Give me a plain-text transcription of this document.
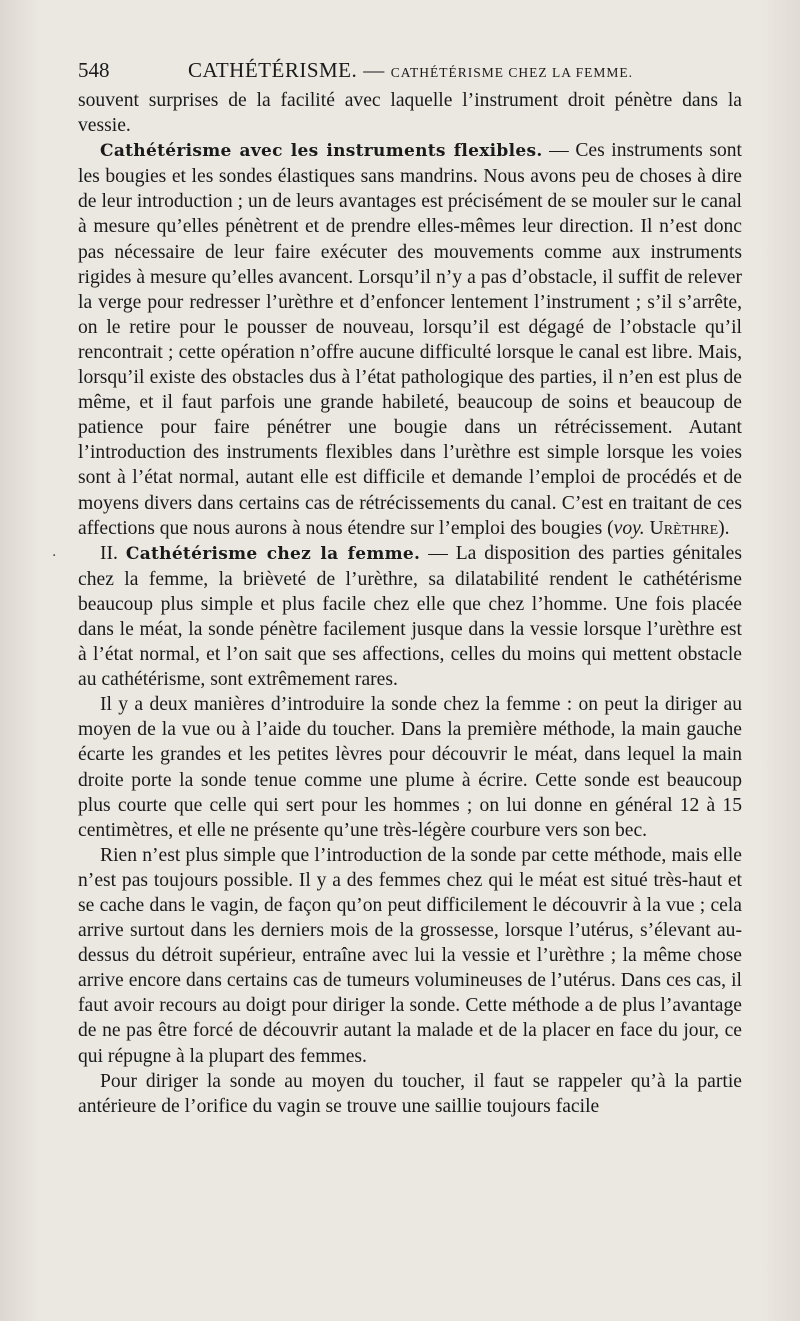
548	CATHÉTÉRISME. — CATHÉTÉRISME CHEZ LA FEMME.
·

souvent surprises de la facilité avec laquelle l’instrument droit pénètre dans la vessie.

Cathétérisme avec les instruments flexibles. — Ces instruments sont les bougies et les sondes élastiques sans mandrins. Nous avons peu de choses à dire de leur introduction ; un de leurs avantages est précisément de se mouler sur le canal à mesure qu’elles pénètrent et de prendre elles-mêmes leur direction. Il n’est donc pas nécessaire de leur faire exécuter des mouvements comme aux instruments rigides à mesure qu’elles avancent. Lorsqu’il n’y a pas d’obstacle, il suffit de relever la verge pour redresser l’urèthre et d’enfoncer lentement l’instrument ; s’il s’arrête, on le retire pour le pousser de nouveau, lorsqu’il est dégagé de l’obstacle qu’il rencontrait ; cette opération n’offre aucune difficulté lorsque le canal est libre. Mais, lorsqu’il existe des obstacles dus à l’état pathologique des parties, il n’en est plus de même, et il faut parfois une grande habileté, beaucoup de soins et beaucoup de patience pour faire pénétrer une bougie dans un rétrécissement. Autant l’introduction des instruments flexibles dans l’urèthre est simple lorsque les voies sont à l’état normal, autant elle est difficile et demande l’emploi de procédés et de moyens divers dans certains cas de rétrécissements du canal. C’est en traitant de ces affections que nous aurons à nous étendre sur l’emploi des bougies (voy. Urèthre).

II. Cathétérisme chez la femme. — La disposition des parties génitales chez la femme, la brièveté de l’urèthre, sa dilatabilité rendent le cathétérisme beaucoup plus simple et plus facile chez elle que chez l’homme. Une fois placée dans le méat, la sonde pénètre facilement jusque dans la vessie lorsque l’urèthre est à l’état normal, et l’on sait que ses affections, celles du moins qui mettent obstacle au cathétérisme, sont extrêmement rares.

Il y a deux manières d’introduire la sonde chez la femme : on peut la diriger au moyen de la vue ou à l’aide du toucher. Dans la première méthode, la main gauche écarte les grandes et les petites lèvres pour découvrir le méat, dans lequel la main droite porte la sonde tenue comme une plume à écrire. Cette sonde est beaucoup plus courte que celle qui sert pour les hommes ; on lui donne en général 12 à 15 centimètres, et elle ne présente qu’une très-légère courbure vers son bec.

Rien n’est plus simple que l’introduction de la sonde par cette méthode, mais elle n’est pas toujours possible. Il y a des femmes chez qui le méat est situé très-haut et se cache dans le vagin, de façon qu’on peut difficilement le découvrir à la vue ; cela arrive surtout dans les derniers mois de la grossesse, lorsque l’utérus, s’élevant au-dessus du détroit supérieur, entraîne avec lui la vessie et l’urèthre ; la même chose arrive encore dans certains cas de tumeurs volumineuses de l’utérus. Dans ces cas, il faut avoir recours au doigt pour diriger la sonde. Cette méthode a de plus l’avantage de ne pas être forcé de découvrir autant la malade et de la placer en face du jour, ce qui répugne à la plupart des femmes.

Pour diriger la sonde au moyen du toucher, il faut se rappeler qu’à la partie antérieure de l’orifice du vagin se trouve une saillie toujours facile
